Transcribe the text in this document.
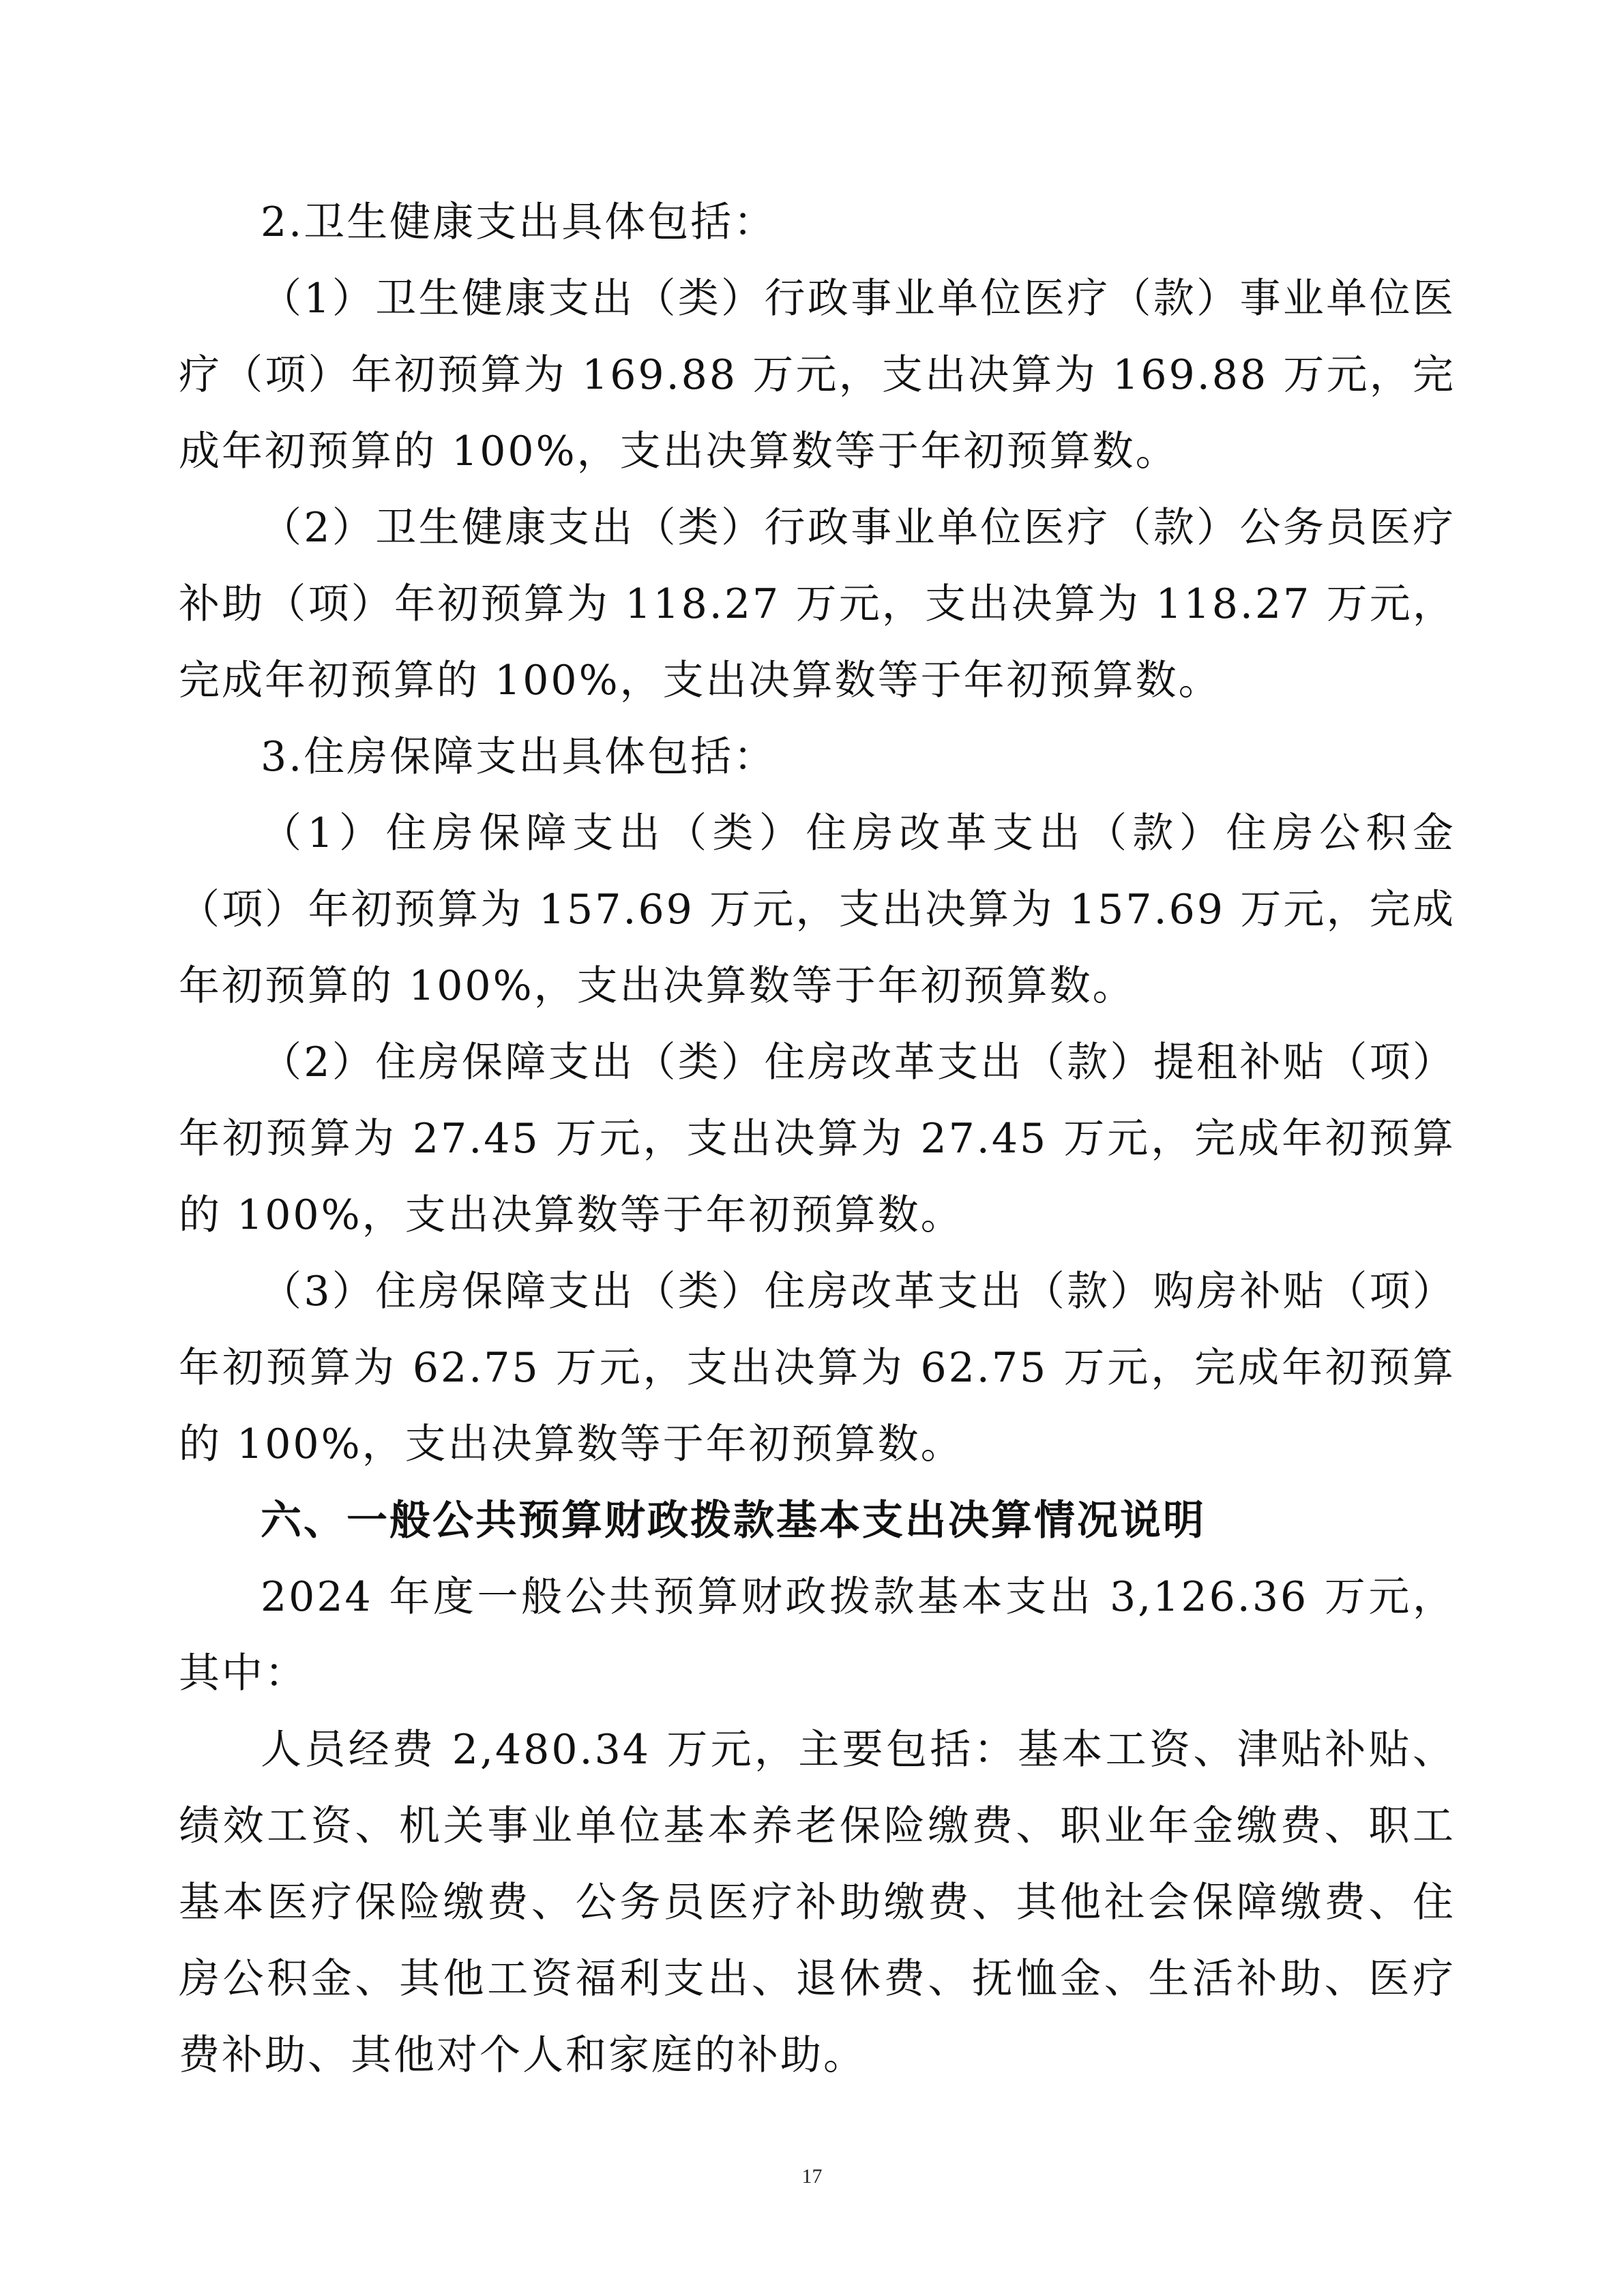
2.卫生健康支出具体包括：

（1）卫生健康支出（类）行政事业单位医疗（款）事业单位医疗（项）年初预算为 169.88 万元，支出决算为 169.88 万元，完成年初预算的 100%，支出决算数等于年初预算数。

（2）卫生健康支出（类）行政事业单位医疗（款）公务员医疗补助（项）年初预算为 118.27 万元，支出决算为 118.27 万元，完成年初预算的 100%，支出决算数等于年初预算数。

3.住房保障支出具体包括：

（1）住房保障支出（类）住房改革支出（款）住房公积金（项）年初预算为 157.69 万元，支出决算为 157.69 万元，完成年初预算的 100%，支出决算数等于年初预算数。

（2）住房保障支出（类）住房改革支出（款）提租补贴（项）年初预算为 27.45 万元，支出决算为 27.45 万元，完成年初预算的 100%，支出决算数等于年初预算数。

（3）住房保障支出（类）住房改革支出（款）购房补贴（项）年初预算为 62.75 万元，支出决算为 62.75 万元，完成年初预算的 100%，支出决算数等于年初预算数。

六、一般公共预算财政拨款基本支出决算情况说明

2024 年度一般公共预算财政拨款基本支出 3,126.36 万元，其中：

人员经费 2,480.34 万元，主要包括：基本工资、津贴补贴、绩效工资、机关事业单位基本养老保险缴费、职业年金缴费、职工基本医疗保险缴费、公务员医疗补助缴费、其他社会保障缴费、住房公积金、其他工资福利支出、退休费、抚恤金、生活补助、医疗费补助、其他对个人和家庭的补助。

17
